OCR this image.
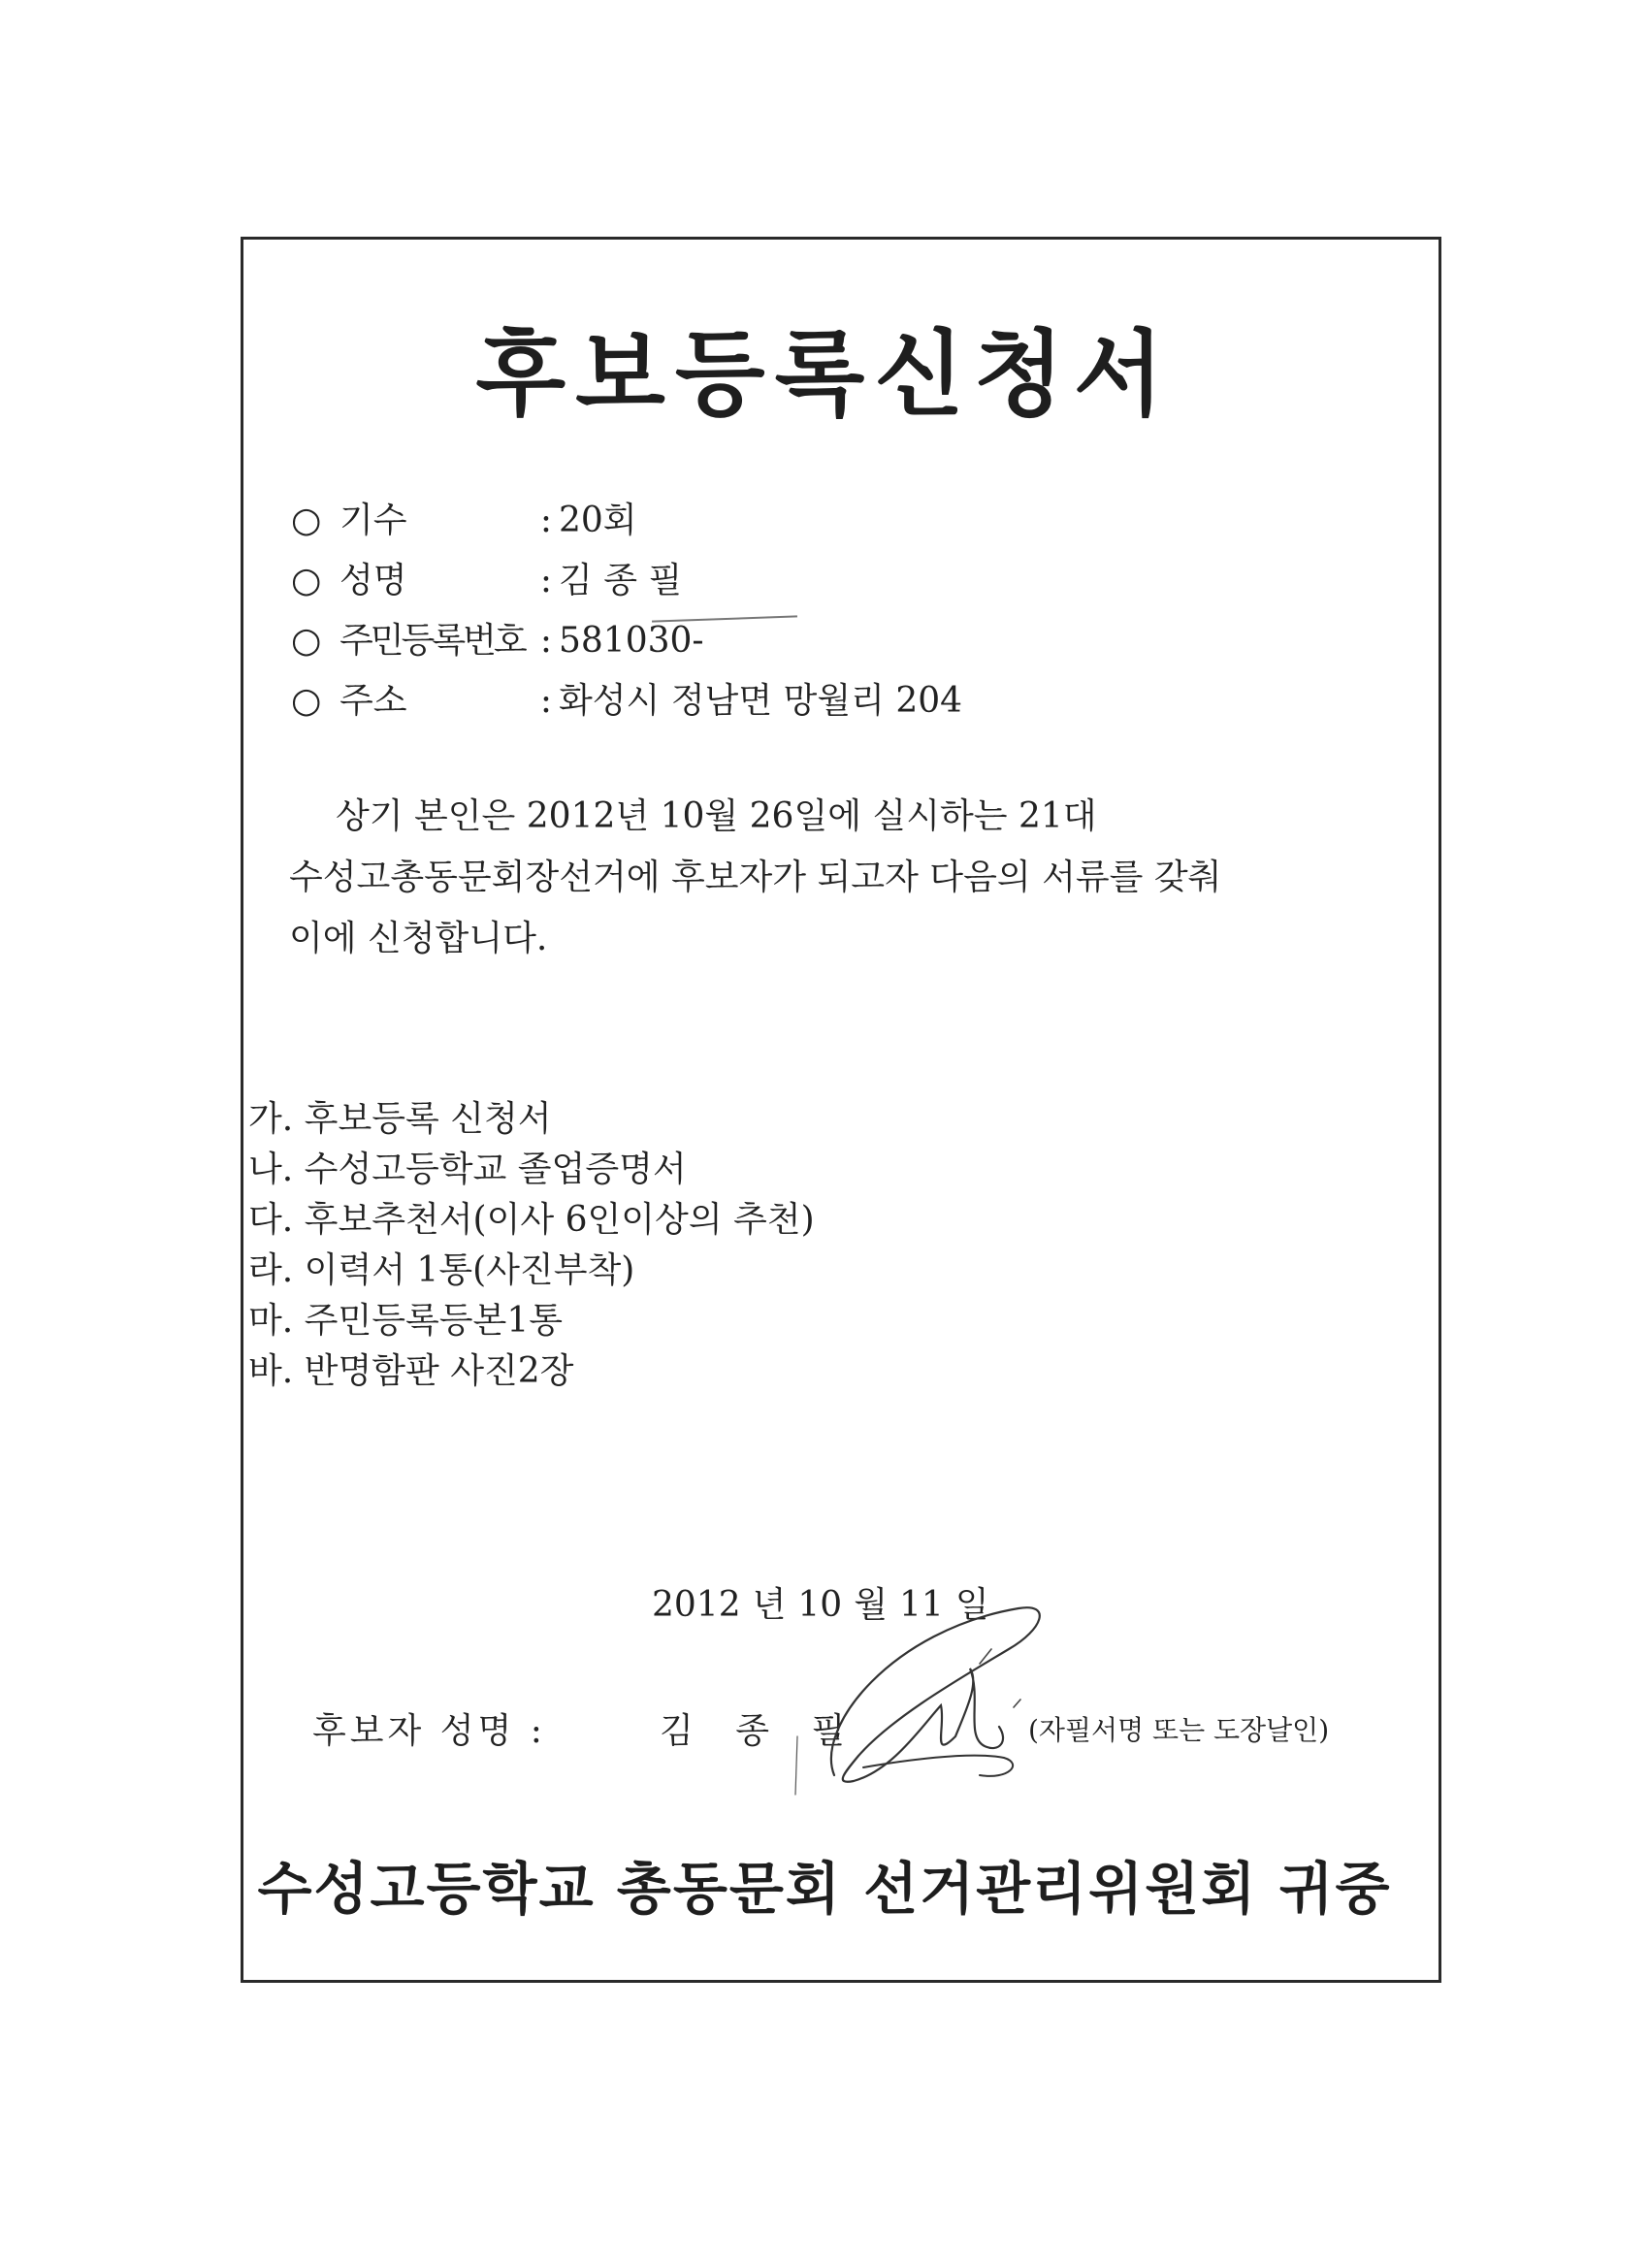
후보등록신청서
○ 기수	: 20회
○ 성명	: 김 종 필
○ 주민등록번호 : 581030-
○ 주소	: 화성시 정남면 망월리 204
상기 본인은 2012년 10월 26일에 실시하는 21대
수성고총동문회장선거에 후보자가 되고자 다음의 서류를 갖춰
이에 신청합니다.
가. 후보등록 신청서
나. 수성고등학교 졸업증명서
다. 후보추천서(이사 6인이상의 추천)
라. 이력서 1통(사진부착)
마. 주민등록등본1통
바. 반명함판 사진2장
2012 년 10 월 11 일
후보자 성명 :	김 종 필	(자필서명 또는 도장날인)
수성고등학교 총동문회 선거관리위원회 귀중
